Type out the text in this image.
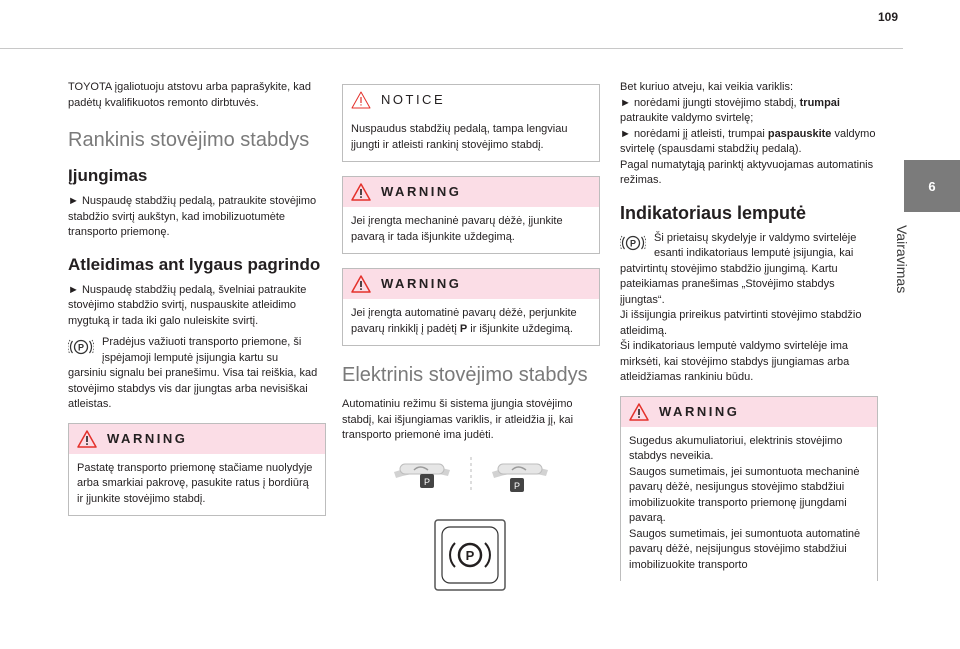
109
6
Vairavimas

TOYOTA įgaliotuoju atstovu arba paprašykite, kad padėtų kvalifikuotos remonto dirbtuvės.

Rankinis stovėjimo stabdys
Įjungimas

► Nuspaudę stabdžių pedalą, patraukite stovėjimo stabdžio svirtį aukštyn, kad imobilizuotumėte transporto priemonę.

Atleidimas ant lygaus pagrindo

► Nuspaudę stabdžių pedalą, švelniai patraukite stovėjimo stabdžio svirtį, nuspauskite atleidimo mygtuką ir tada iki galo nuleiskite svirtį.

P Pradėjus važiuoti transporto priemone, ši įspėjamoji lemputė įsijungia kartu su

garsiniu signalu bei pranešimu. Visa tai reiškia, kad stovėjimo stabdys vis dar įjungtas arba nevisiškai atleistas.

WARNING
Pastatę transporto priemonę stačiame nuolydyje arba smarkiai pakrovę, pasukite ratus į bordiūrą ir įjunkite stovėjimo stabdį.
NOTICE
Nuspaudus stabdžių pedalą, tampa lengviau įjungti ir atleisti rankinį stovėjimo stabdį.
WARNING
Jei įrengta mechaninė pavarų dėžė, įjunkite pavarą ir tada išjunkite uždegimą.
WARNING
Jei įrengta automatinė pavarų dėžė, perjunkite pavarų rinkiklį į padėtį P ir išjunkite uždegimą.
Elektrinis stovėjimo stabdys

Automatiniu režimu ši sistema įjungia stovėjimo stabdį, kai išjungiamas variklis, ir atleidžia jį, kai transporto priemonė ima judėti.

P	P
P

Bet kuriuo atveju, kai veikia variklis:

► norėdami įjungti stovėjimo stabdį, trumpai patraukite valdymo svirtelę;

► norėdami jį atleisti, trumpai paspauskite valdymo svirtelę (spausdami stabdžių pedalą).

Pagal numatytąją parinktį aktyvuojamas automatinis režimas.

Indikatoriaus lemputė
P Ši prietaisų skydelyje ir valdymo svirtelėje esanti indikatoriaus lemputė įsijungia, kai

patvirtintų stovėjimo stabdžio įjungimą. Kartu pateikiamas pranešimas „Stovėjimo stabdys įjungtas“.

Ji išsijungia prireikus patvirtinti stovėjimo stabdžio atleidimą.

Ši indikatoriaus lemputė valdymo svirtelėje ima mirksėti, kai stovėjimo stabdys įjungiamas arba atleidžiamas rankiniu būdu.

WARNING
Sugedus akumuliatoriui, elektrinis stovėjimo stabdys neveikia.
Saugos sumetimais, jei sumontuota mechaninė pavarų dėžė, nesijungus stovėjimo stabdžiui imobilizuokite transporto priemonę įjungdami pavarą.
Saugos sumetimais, jei sumontuota automatinė pavarų dėžė, neįsijungus stovėjimo stabdžiui imobilizuokite transporto
